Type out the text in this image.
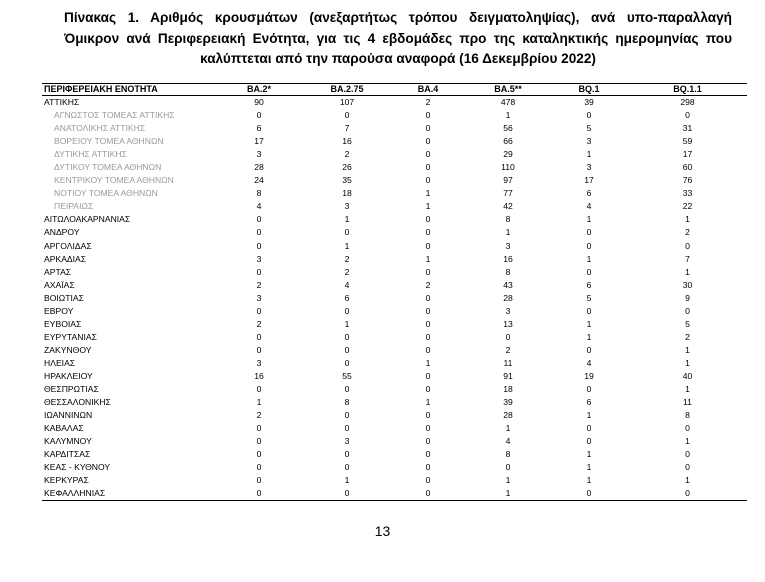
Πίνακας 1. Αριθμός κρουσμάτων (ανεξαρτήτως τρόπου δειγματοληψίας), ανά υπο-παραλλαγή
Όμικρον ανά Περιφερειακή Ενότητα, για τις 4 εβδομάδες προ της καταληκτικής ημερομηνίας που
καλύπτεται από την παρούσα αναφορά (16 Δεκεμβρίου 2022)
ΠΕΡΙΦΕΡΕΙΑΚΗ ΕΝΟΤΗΤΑ	BA.2*	BA.2.75	BA.4	BA.5**	BQ.1	BQ.1.1
ΑΤΤΙΚΗΣ	90	107	2	478	39	298
ΑΓΝΩΣΤΟΣ ΤΟΜΕΑΣ ΑΤΤΙΚΗΣ	0	0	0	1	0	0
ΑΝΑΤΟΛΙΚΗΣ ΑΤΤΙΚΗΣ	6	7	0	56	5	31
ΒΟΡΕΙΟΥ ΤΟΜΕΑ ΑΘΗΝΩΝ	17	16	0	66	3	59
ΔΥΤΙΚΗΣ ΑΤΤΙΚΗΣ	3	2	0	29	1	17
ΔΥΤΙΚΟΥ ΤΟΜΕΑ ΑΘΗΝΩΝ	28	26	0	110	3	60
ΚΕΝΤΡΙΚΟΥ ΤΟΜΕΑ ΑΘΗΝΩΝ	24	35	0	97	17	76
ΝΟΤΙΟΥ ΤΟΜΕΑ ΑΘΗΝΩΝ	8	18	1	77	6	33
ΠΕΙΡΑΙΩΣ	4	3	1	42	4	22
ΑΙΤΩΛΟΑΚΑΡΝΑΝΙΑΣ	0	1	0	8	1	1
ΑΝΔΡΟΥ	0	0	0	1	0	2
ΑΡΓΟΛΙΔΑΣ	0	1	0	3	0	0
ΑΡΚΑΔΙΑΣ	3	2	1	16	1	7
ΑΡΤΑΣ	0	2	0	8	0	1
ΑΧΑΪΑΣ	2	4	2	43	6	30
ΒΟΙΩΤΙΑΣ	3	6	0	28	5	9
ΕΒΡΟΥ	0	0	0	3	0	0
ΕΥΒΟΙΑΣ	2	1	0	13	1	5
ΕΥΡΥΤΑΝΙΑΣ	0	0	0	0	1	2
ΖΑΚΥΝΘΟΥ	0	0	0	2	0	1
ΗΛΕΙΑΣ	3	0	1	11	4	1
ΗΡΑΚΛΕΙΟΥ	16	55	0	91	19	40
ΘΕΣΠΡΩΤΙΑΣ	0	0	0	18	0	1
ΘΕΣΣΑΛΟΝΙΚΗΣ	1	8	1	39	6	11
ΙΩΑΝΝΙΝΩΝ	2	0	0	28	1	8
ΚΑΒΑΛΑΣ	0	0	0	1	0	0
ΚΑΛΥΜΝΟΥ	0	3	0	4	0	1
ΚΑΡΔΙΤΣΑΣ	0	0	0	8	1	0
ΚΕΑΣ - ΚΥΘΝΟΥ	0	0	0	0	1	0
ΚΕΡΚΥΡΑΣ	0	1	0	1	1	1
ΚΕΦΑΛΛΗΝΙΑΣ	0	0	0	1	0	0
13
